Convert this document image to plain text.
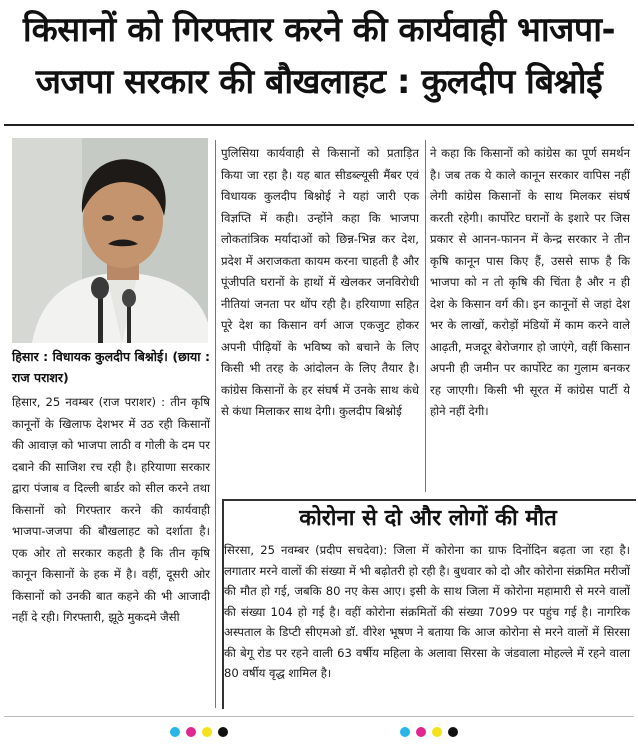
किसानों को गिरफ्तार करने की कार्यवाही भाजपा-
जजपा सरकार की बौखलाहट : कुलदीप बिश्नोई
हिसार : विधायक कुलदीप बिश्नोई। (छाया : राज पराशर)
हिसार, 25 नवम्बर (राज पराशर) : तीन कृषि कानूनों के खिलाफ देशभर में उठ रही किसानों की आवाज़ को भाजपा लाठी व गोली के दम पर दबाने की साजिश रच रही है। हरियाणा सरकार द्वारा पंजाब व दिल्ली बार्डर को सील करने तथा किसानों को गिरफ्तार करने की कार्यवाही भाजपा-जजपा की बौखलाहट को दर्शाता है। एक ओर तो सरकार कहती है कि तीन कृषि कानून किसानों के हक में है। वहीं, दूसरी ओर किसानों को उनकी बात कहने की भी आजादी नहीं दे रही। गिरफ्तारी, झूठे मुकदमे जैसी
पुलिसिया कार्यवाही से किसानों को प्रताड़ित किया जा रहा है। यह बात सीडब्ल्यूसी मैंबर एवं विधायक कुलदीप बिश्नोई ने यहां जारी एक विज्ञप्ति में कही। उन्होंने कहा कि भाजपा लोकतांत्रिक मर्यादाओं को छिन्न-भिन्न कर देश, प्रदेश में अराजकता कायम करना चाहती है और पूंजीपति घरानों के हाथों में खेलकर जनविरोधी नीतियां जनता पर थोंप रही है। हरियाणा सहित पूरे देश का किसान वर्ग आज एकजुट होकर अपनी पीढ़ियों के भविष्य को बचाने के लिए किसी भी तरह के आंदोलन के लिए तैयार है। कांग्रेस किसानों के हर संघर्ष में उनके साथ कंधे से कंधा मिलाकर साथ देगी। कुलदीप बिश्नोई
ने कहा कि किसानों को कांग्रेस का पूर्ण समर्थन है। जब तक ये काले कानून सरकार वापिस नहीं लेगी कांग्रेस किसानों के साथ मिलकर संघर्ष करती रहेगी। कार्पोरेट घरानों के इशारे पर जिस प्रकार से आनन-फानन में केन्द्र सरकार ने तीन कृषि कानून पास किए हैं, उससे साफ है कि भाजपा को न तो कृषि की चिंता है और न ही देश के किसान वर्ग की। इन कानूनों से जहां देश भर के लाखों, करोड़ों मंडियों में काम करने वाले आढ़ती, मजदूर बेरोजगार हो जाएंगे, वहीं किसान अपनी ही जमीन पर कार्पोरेट का गुलाम बनकर रह जाएगी। किसी भी सूरत में कांग्रेस पार्टी ये होने नहीं देगी।
कोरोना से दो और लोगों की मौत
सिरसा, 25 नवम्बर (प्रदीप सचदेवा): जिला में कोरोना का ग्राफ दिनोंदिन बढ़ता जा रहा है। लगातार मरने वालों की संख्या में भी बढ़ोतरी हो रही है। बुधवार को दो और कोरोना संक्रमित मरीजों की मौत हो गई, जबकि 80 नए केस आए। इसी के साथ जिला में कोरोना महामारी से मरने वालों की संख्या 104 हो गई है। वहीं कोरोना संक्रमितों की संख्या 7099 पर पहुंच गई है। नागरिक अस्पताल के डिप्टी सीएमओ डॉ. वीरेश भूषण ने बताया कि आज कोरोना से मरने वालों में सिरसा की बेगू रोड पर रहने वाली 63 वर्षीय महिला के अलावा सिरसा के जंडवाला मोहल्ले में रहने वाला 80 वर्षीय वृद्ध शामिल है।
